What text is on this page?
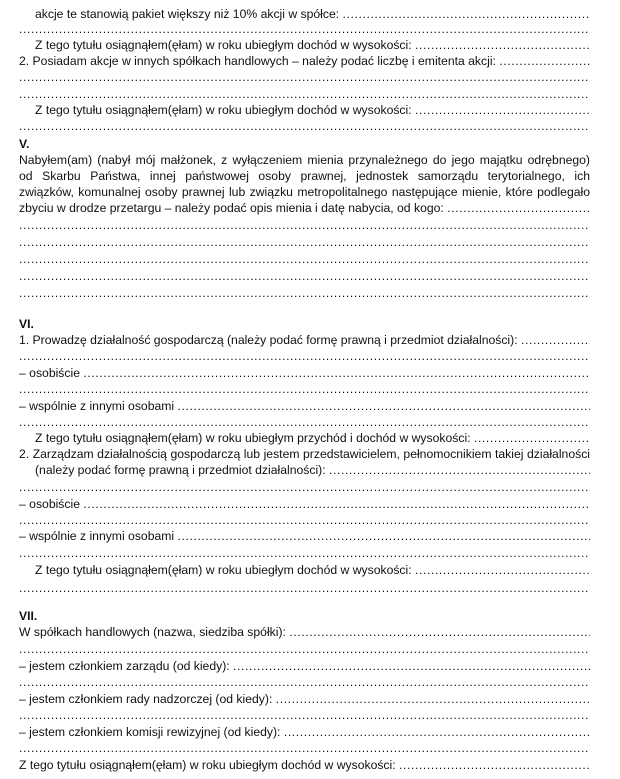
akcje te stanowią pakiet większy niż 10% akcji w spółce:
.....
.....
Z tego tytułu osiągnąłem(ęłam) w roku ubiegłym dochód w wysokości:
.....
2. Posiadam akcje w innych spółkach handlowych – należy podać liczbę i emitenta akcji:
.....
.....
.....
Z tego tytułu osiągnąłem(ęłam) w roku ubiegłym dochód w wysokości:
.....
.....
V.
Nabyłem(am) (nabył mój małżonek, z wyłączeniem mienia przynależnego do jego majątku odrębnego)
od Skarbu Państwa, innej państwowej osoby prawnej, jednostek samorządu terytorialnego, ich
związków, komunalnej osoby prawnej lub związku metropolitalnego następujące mienie, które podlegało
zbyciu w drodze przetargu – należy podać opis mienia i datę nabycia, od kogo:
.....
.....
.....
.....
.....
.....
VI.
1. Prowadzę działalność gospodarczą (należy podać formę prawną i przedmiot działalności):
.....
.....
– osobiście
.....
.....
– wspólnie z innymi osobami
.....
.....
Z tego tytułu osiągnąłem(ęłam) w roku ubiegłym przychód i dochód w wysokości:
.....
2. Zarządzam działalnością gospodarczą lub jestem przedstawicielem, pełnomocnikiem takiej działalności
(należy podać formę prawną i przedmiot działalności):
.....
.....
– osobiście
.....
.....
– wspólnie z innymi osobami
.....
.....
Z tego tytułu osiągnąłem(ęłam) w roku ubiegłym dochód w wysokości:
.....
.....
VII.
W spółkach handlowych (nazwa, siedziba spółki):
.....
.....
– jestem członkiem zarządu (od kiedy):
.....
.....
– jestem członkiem rady nadzorczej (od kiedy):
.....
.....
– jestem członkiem komisji rewizyjnej (od kiedy):
.....
.....
Z tego tytułu osiągnąłem(ęłam) w roku ubiegłym dochód w wysokości:
.....
